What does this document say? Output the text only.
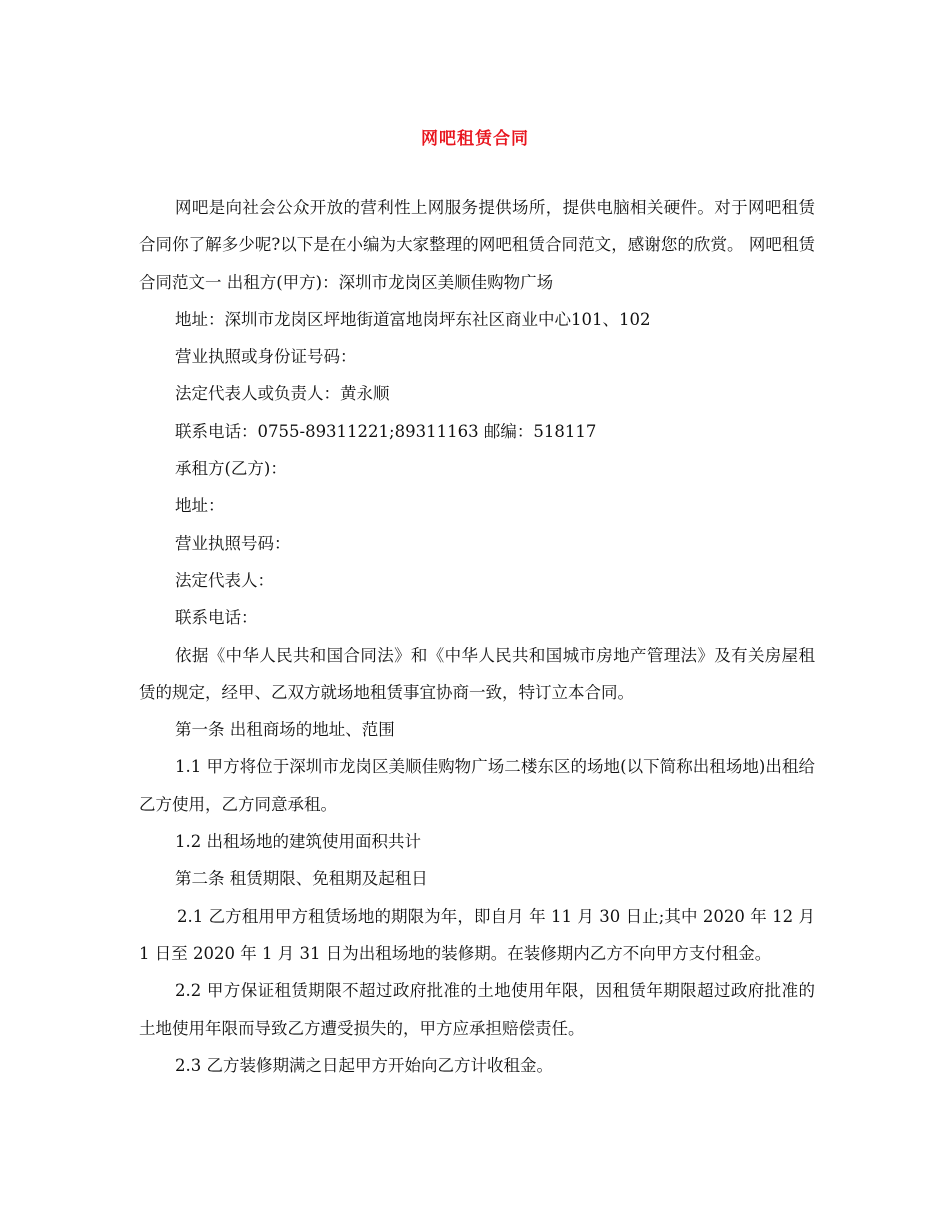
网吧租赁合同

网吧是向社会公众开放的营利性上网服务提供场所，提供电脑相关硬件。对于网吧租赁合同你了解多少呢?以下是在小编为大家整理的网吧租赁合同范文，感谢您的欣赏。 网吧租赁合同范文一 出租方(甲方)：深圳市龙岗区美顺佳购物广场

地址：深圳市龙岗区坪地街道富地岗坪东社区商业中心101、102

营业执照或身份证号码：

法定代表人或负责人：黄永顺

联系电话：0755-89311221;89311163 邮编：518117

承租方(乙方)：

地址：

营业执照号码：

法定代表人：

联系电话：

依据《中华人民共和国合同法》和《中华人民共和国城市房地产管理法》及有关房屋租赁的规定，经甲、乙双方就场地租赁事宜协商一致，特订立本合同。

第一条 出租商场的地址、范围

1.1 甲方将位于深圳市龙岗区美顺佳购物广场二楼东区的场地(以下简称出租场地)出租给乙方使用，乙方同意承租。

1.2 出租场地的建筑使用面积共计

第二条 租赁期限、免租期及起租日

2.1 乙方租用甲方租赁场地的期限为年，即自月 年 11 月 30 日止;其中 2020 年 12 月 1 日至 2020 年 1 月 31 日为出租场地的装修期。在装修期内乙方不向甲方支付租金。

2.2 甲方保证租赁期限不超过政府批准的土地使用年限，因租赁年期限超过政府批准的土地使用年限而导致乙方遭受损失的，甲方应承担赔偿责任。

2.3 乙方装修期满之日起甲方开始向乙方计收租金。
